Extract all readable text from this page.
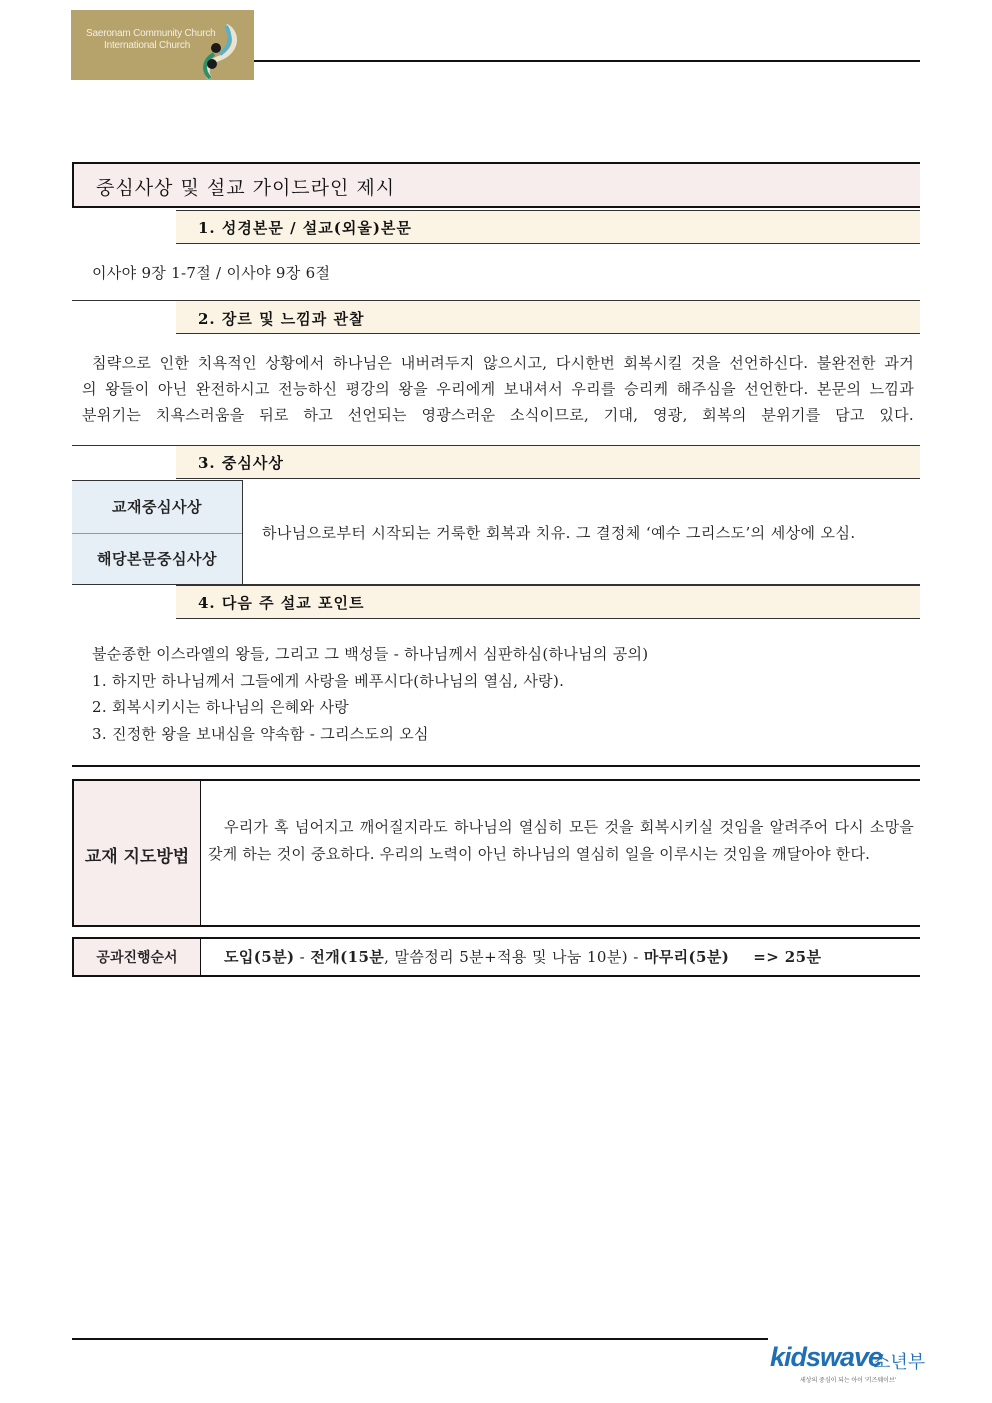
Saeronam Community Church
International Church
중심사상 및 설교 가이드라인 제시
1. 성경본문 / 설교(외울)본문
이사야 9장 1-7절 / 이사야 9장 6절
2. 장르 및 느낌과 관찰
침략으로 인한 치욕적인 상황에서 하나님은 내버려두지 않으시고, 다시한번 회복시킬 것을 선언하신다. 불완전한 과거
의 왕들이 아닌 완전하시고 전능하신 평강의 왕을 우리에게 보내셔서 우리를 승리케 해주심을 선언한다. 본문의 느낌과
분위기는 치욕스러움을 뒤로 하고 선언되는 영광스러운 소식이므로, 기대, 영광, 회복의 분위기를 담고 있다.
3. 중심사상
교재중심사상
해당본문중심사상
하나님으로부터 시작되는 거룩한 회복과 치유. 그 결정체 ‘예수 그리스도’의 세상에 오심.
4. 다음 주 설교 포인트
불순종한 이스라엘의 왕들, 그리고 그 백성들 - 하나님께서 심판하심(하나님의 공의)
1. 하지만 하나님께서 그들에게 사랑을 베푸시다(하나님의 열심, 사랑).
2. 회복시키시는 하나님의 은혜와 사랑
3. 진정한 왕을 보내심을 약속함 - 그리스도의 오심
교재 지도방법
우리가 혹 넘어지고 깨어질지라도 하나님의 열심히 모든 것을 회복시키실 것임을 알려주어 다시 소망을 갖게 하는 것이 중요하다. 우리의 노력이 아닌 하나님의 열심히 일을 이루시는 것임을 깨달아야 한다.
공과진행순서	도입(5분) - 전개(15분, 말씀정리 5분+적용 및 나눔 10분) - 마무리(5분) => 25분
kidswave
소년부
세상의 중심이 되는 아이 '키즈웨이브'
